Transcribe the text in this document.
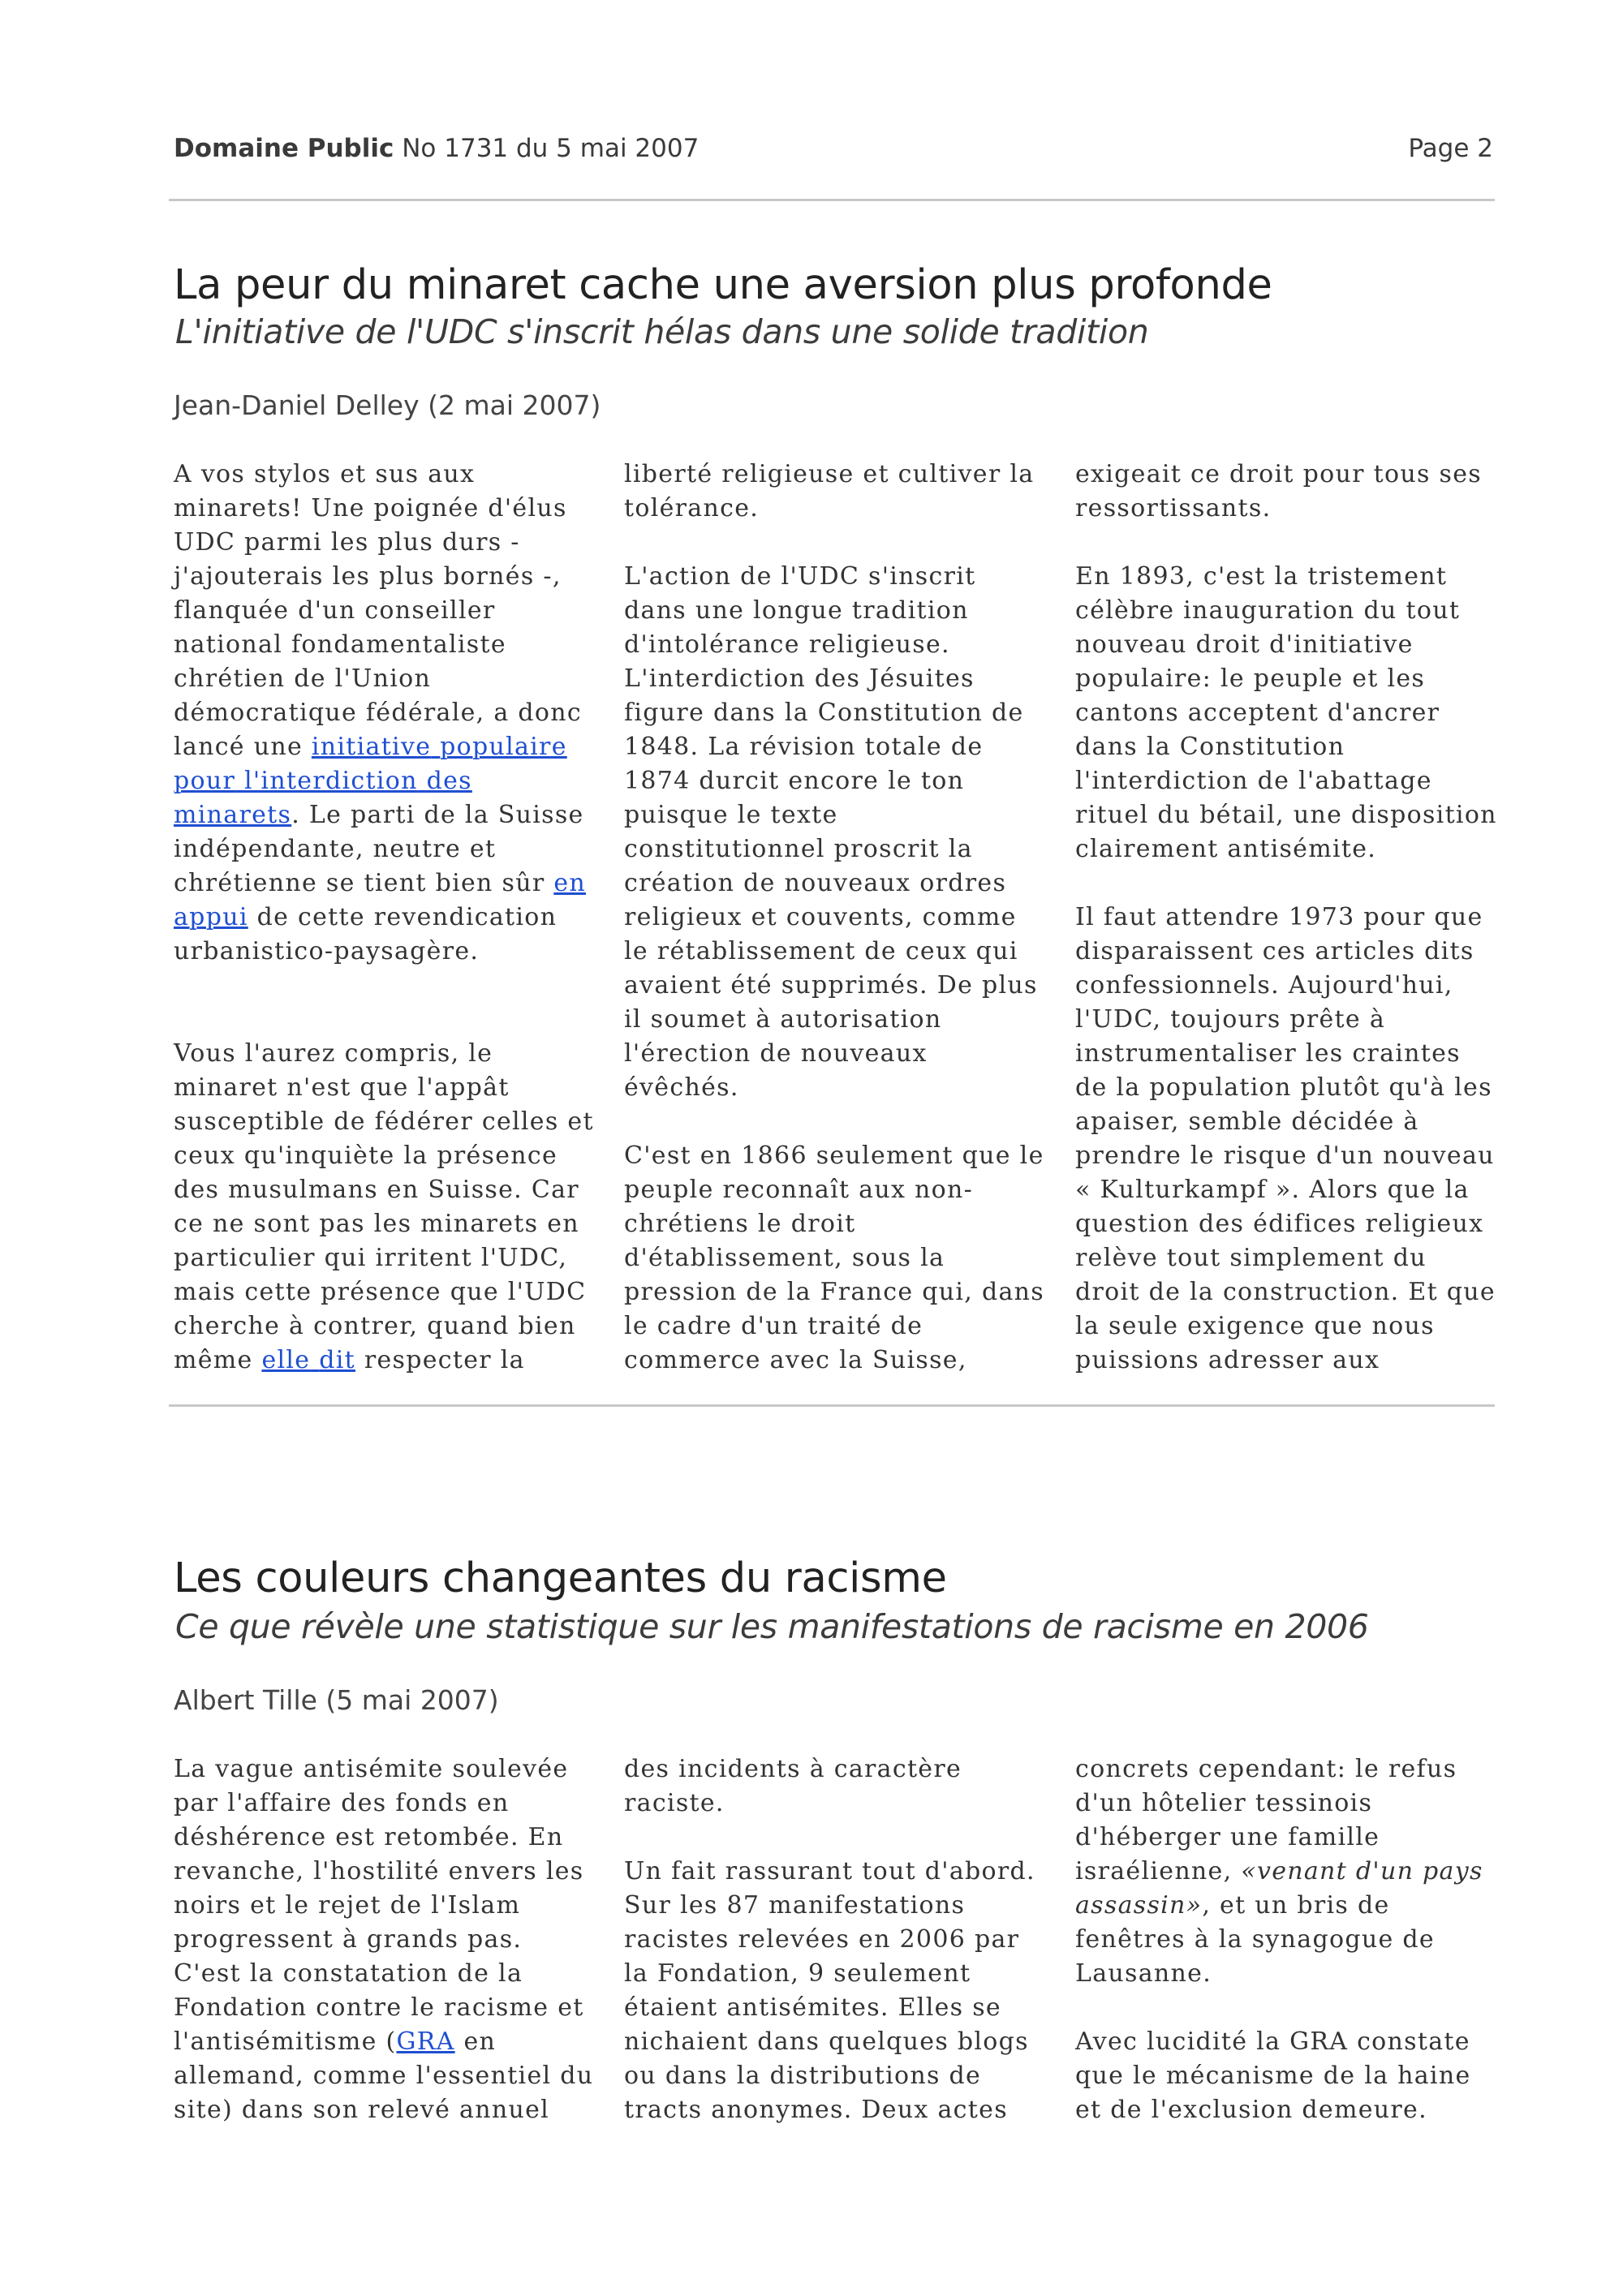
Domaine Public No 1731 du 5 mai 2007	Page 2
La peur du minaret cache une aversion plus profonde
L'initiative de l'UDC s'inscrit hélas dans une solide tradition
Jean-Daniel Delley (2 mai 2007)

A vos stylos et sus aux minarets! Une poignée d'élus UDC parmi les plus durs - j'ajouterais les plus bornés -, flanquée d'un conseiller national fondamentaliste chrétien de l'Union démocratique fédérale, a donc lancé une initiative populaire pour l'interdiction des minarets. Le parti de la Suisse indépendante, neutre et chrétienne se tient bien sûr en appui de cette revendication urbanistico-paysagère.

Vous l'aurez compris, le minaret n'est que l'appât susceptible de fédérer celles et ceux qu'inquiète la présence des musulmans en Suisse. Car ce ne sont pas les minarets en particulier qui irritent l'UDC, mais cette présence que l'UDC cherche à contrer, quand bien même elle dit respecter la

liberté religieuse et cultiver la tolérance.

L'action de l'UDC s'inscrit dans une longue tradition d'intolérance religieuse. L'interdiction des Jésuites figure dans la Constitution de 1848. La révision totale de 1874 durcit encore le ton puisque le texte constitutionnel proscrit la création de nouveaux ordres religieux et couvents, comme le rétablissement de ceux qui avaient été supprimés. De plus il soumet à autorisation l'érection de nouveaux évêchés.

C'est en 1866 seulement que le peuple reconnaît aux non-chrétiens le droit d'établissement, sous la pression de la France qui, dans le cadre d'un traité de commerce avec la Suisse,

exigeait ce droit pour tous ses ressortissants.

En 1893, c'est la tristement célèbre inauguration du tout nouveau droit d'initiative populaire: le peuple et les cantons acceptent d'ancrer dans la Constitution l'interdiction de l'abattage rituel du bétail, une disposition clairement antisémite.

Il faut attendre 1973 pour que disparaissent ces articles dits confessionnels. Aujourd'hui, l'UDC, toujours prête à instrumentaliser les craintes de la population plutôt qu'à les apaiser, semble décidée à prendre le risque d'un nouveau « Kulturkampf ». Alors que la question des édifices religieux relève tout simplement du droit de la construction. Et que la seule exigence que nous puissions adresser aux

Les couleurs changeantes du racisme
Ce que révèle une statistique sur les manifestations de racisme en 2006
Albert Tille (5 mai 2007)

La vague antisémite soulevée par l'affaire des fonds en déshérence est retombée. En revanche, l'hostilité envers les noirs et le rejet de l'Islam progressent à grands pas. C'est la constatation de la Fondation contre le racisme et l'antisémitisme (GRA en allemand, comme l'essentiel du site) dans son relevé annuel

des incidents à caractère raciste.

Un fait rassurant tout d'abord. Sur les 87 manifestations racistes relevées en 2006 par la Fondation, 9 seulement étaient antisémites. Elles se nichaient dans quelques blogs ou dans la distributions de tracts anonymes. Deux actes

concrets cependant: le refus d'un hôtelier tessinois d'héberger une famille israélienne, «venant d'un pays assassin», et un bris de fenêtres à la synagogue de Lausanne.

Avec lucidité la GRA constate que le mécanisme de la haine et de l'exclusion demeure.
